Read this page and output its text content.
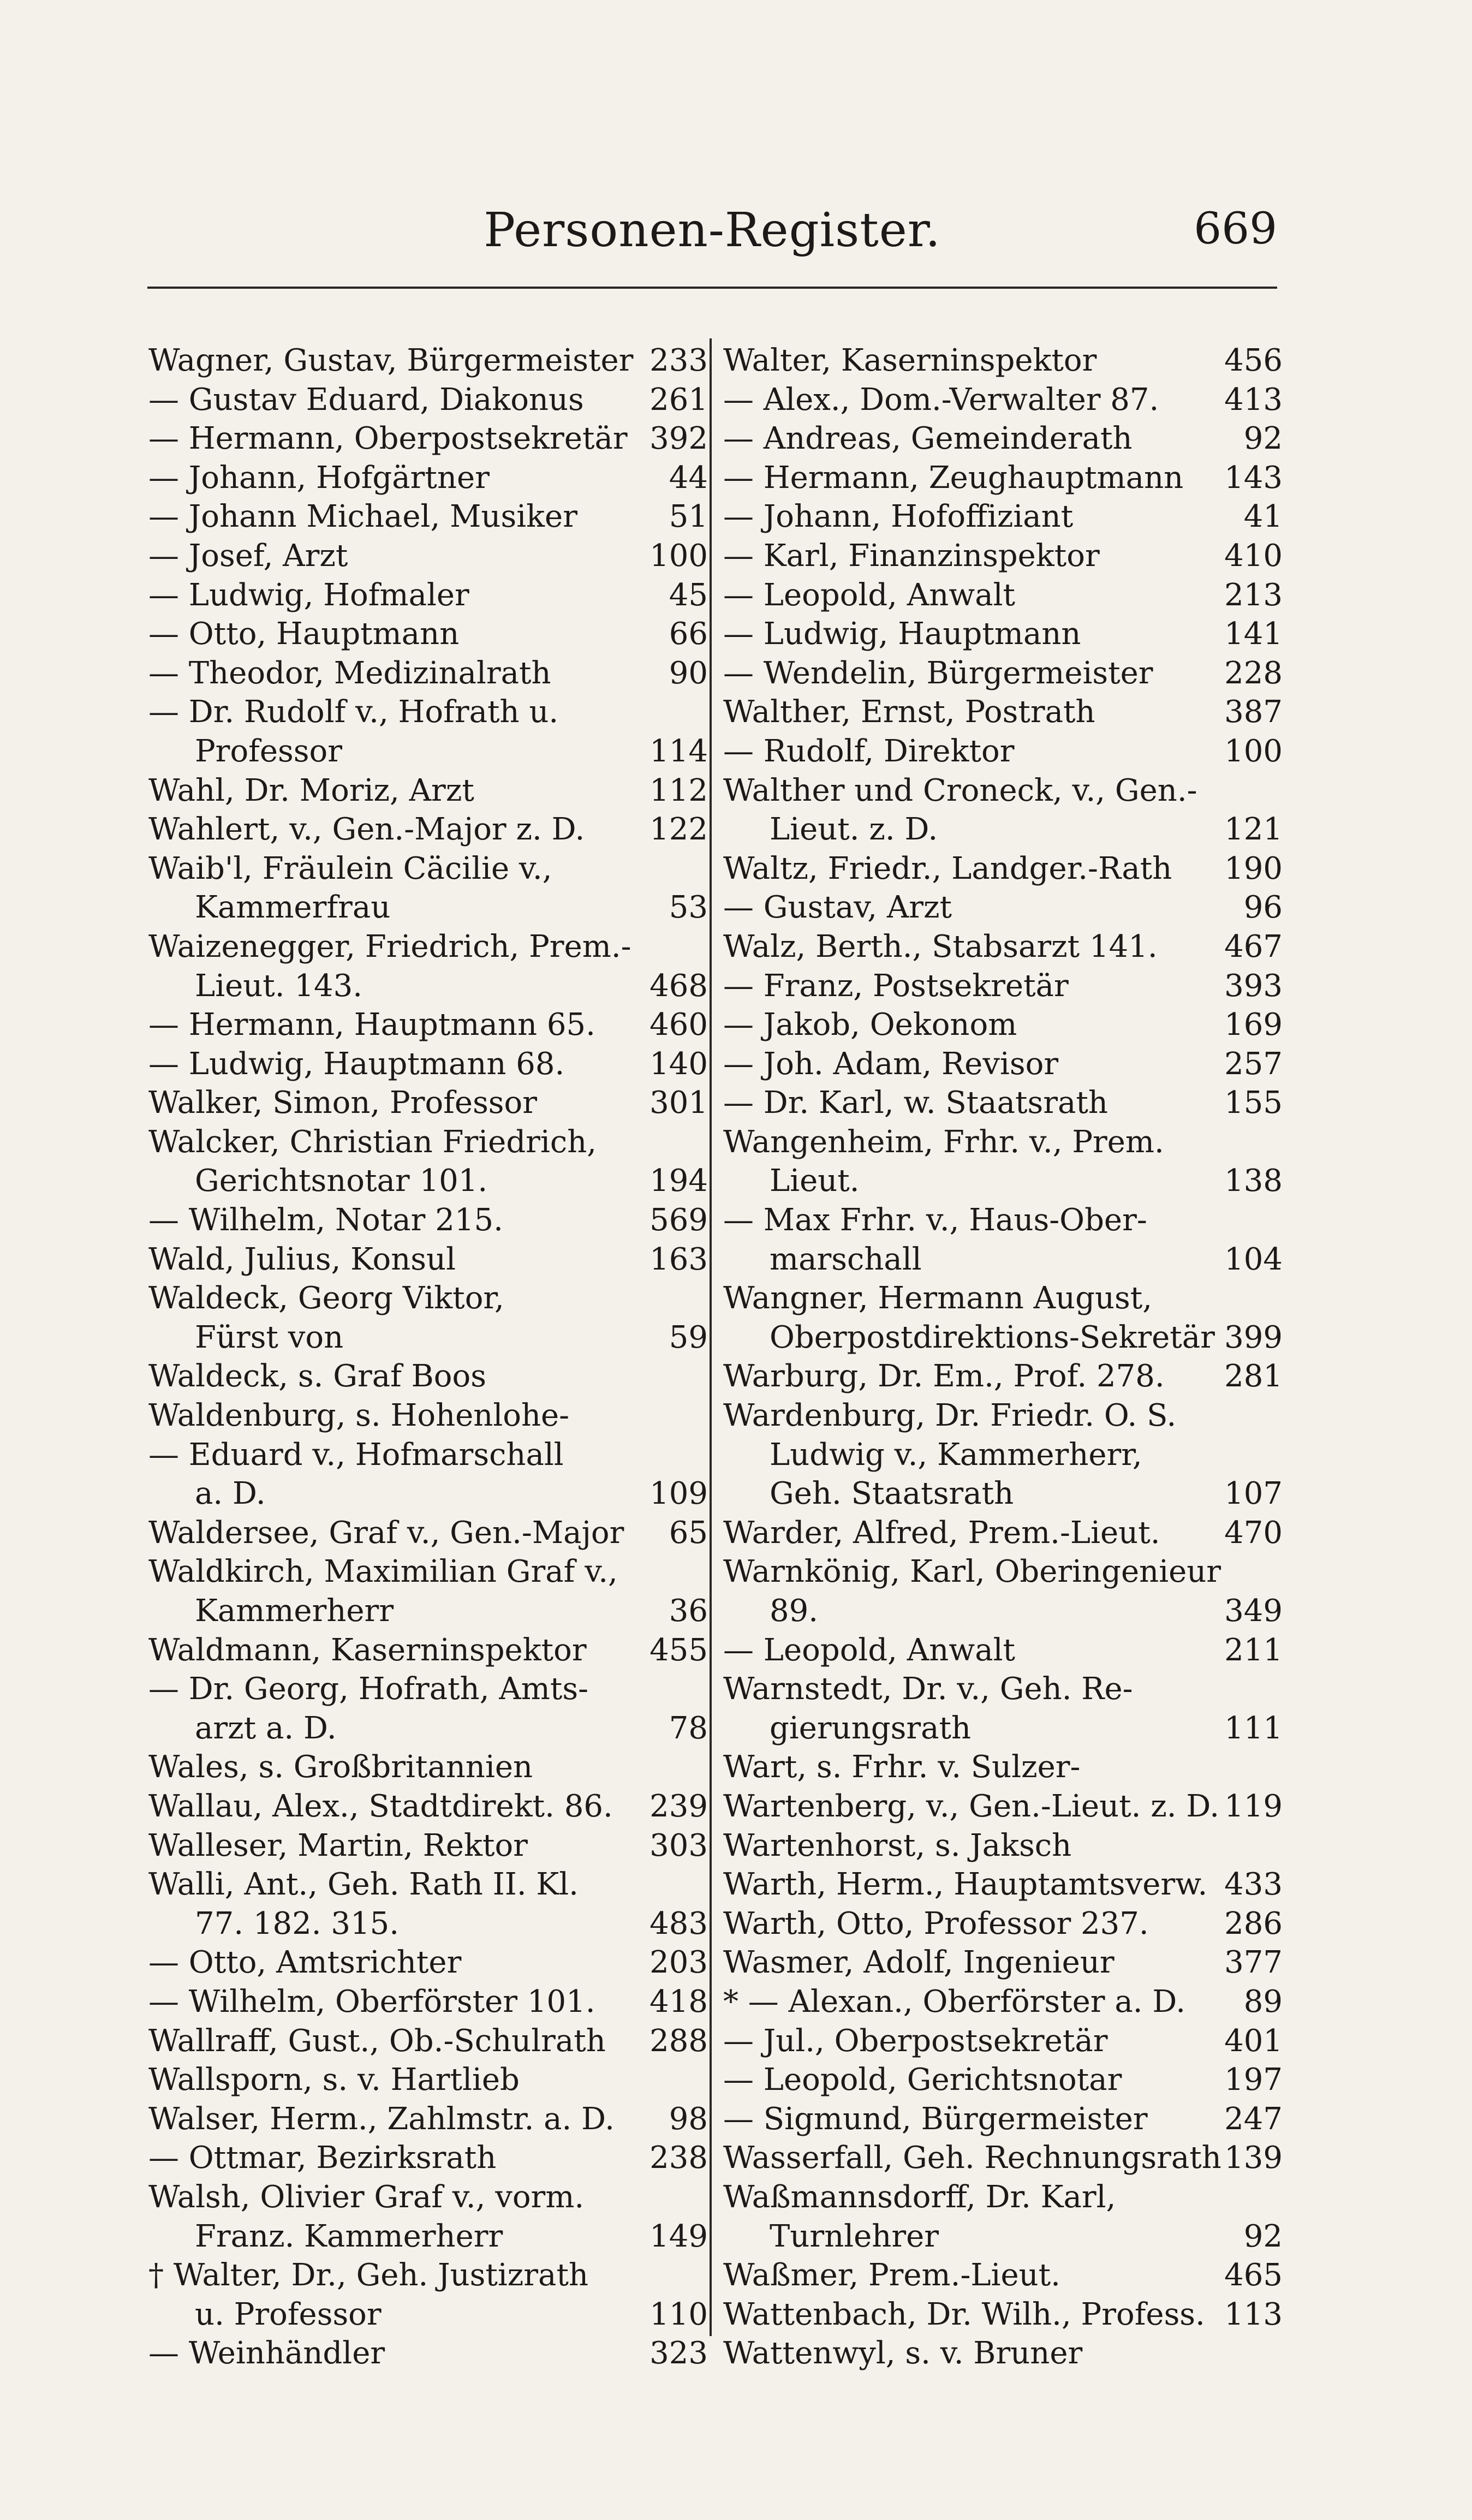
Personen-Register.	669
Wagner, Gustav, Bürgermeister 233
— Gustav Eduard, Diakonus 261
— Hermann, Oberpostsekretär 392
— Johann, Hofgärtner	44
— Johann Michael, Musiker	51
— Josef, Arzt	100
— Ludwig, Hofmaler	45
— Otto, Hauptmann	66
— Theodor, Medizinalrath	90
— Dr. Rudolf v., Hofrath u.
Professor	114
Wahl, Dr. Moriz, Arzt	112
Wahlert, v., Gen.-Major z. D. 122
Waib'l, Fräulein Cäcilie v.,
Kammerfrau	53
Waizenegger, Friedrich, Prem.-
Lieut. 143.	468
— Hermann, Hauptmann 65. 460
— Ludwig, Hauptmann 68.	140
Walker, Simon, Professor	301
Walcker, Christian Friedrich,
Gerichtsnotar 101.	194
— Wilhelm, Notar 215.	569
Wald, Julius, Konsul	163
Waldeck, Georg Viktor,
Fürst von	59
Waldeck, s. Graf Boos
Waldenburg, s. Hohenlohe-
— Eduard v., Hofmarschall
a. D.	109
Waldersee, Graf v., Gen.-Major 65
Waldkirch, Maximilian Graf v.,
Kammerherr	36
Waldmann, Kaserninspektor 455
— Dr. Georg, Hofrath, Amts-
arzt a. D.	78
Wales, s. Großbritannien
Wallau, Alex., Stadtdirekt. 86. 239
Walleser, Martin, Rektor	303
Walli, Ant., Geh. Rath II. Kl.
77. 182. 315.	483
— Otto, Amtsrichter	203
— Wilhelm, Oberförster 101. 418
Wallraff, Gust., Ob.-Schulrath 288
Wallsporn, s. v. Hartlieb
Walser, Herm., Zahlmstr. a. D. 98
— Ottmar, Bezirksrath	238
Walsh, Olivier Graf v., vorm.
Franz. Kammerherr	149
† Walter, Dr., Geh. Justizrath
u. Professor	110
— Weinhändler	323
Walter, Kaserninspektor	456
— Alex., Dom.-Verwalter 87. 413
— Andreas, Gemeinderath	92
— Hermann, Zeughauptmann 143
— Johann, Hofoffiziant	41
— Karl, Finanzinspektor	410
— Leopold, Anwalt	213
— Ludwig, Hauptmann	141
— Wendelin, Bürgermeister 228
Walther, Ernst, Postrath	387
— Rudolf, Direktor	100
Walther und Croneck, v., Gen.-
Lieut. z. D.	121
Waltz, Friedr., Landger.-Rath 190
— Gustav, Arzt	96
Walz, Berth., Stabsarzt 141. 467
— Franz, Postsekretär	393
— Jakob, Oekonom	169
— Joh. Adam, Revisor	257
— Dr. Karl, w. Staatsrath	155
Wangenheim, Frhr. v., Prem.
Lieut.	138
— Max Frhr. v., Haus-Ober-
marschall	104
Wangner, Hermann August,
Oberpostdirektions-Sekretär 399
Warburg, Dr. Em., Prof. 278. 281
Wardenburg, Dr. Friedr. O. S.
Ludwig v., Kammerherr,
Geh. Staatsrath	107
Warder, Alfred, Prem.-Lieut. 470
Warnkönig, Karl, Oberingenieur
89.	349
— Leopold, Anwalt	211
Warnstedt, Dr. v., Geh. Re-
gierungsrath	111
Wart, s. Frhr. v. Sulzer-
Wartenberg, v., Gen.-Lieut. z. D. 119
Wartenhorst, s. Jaksch
Warth, Herm., Hauptamtsverw. 433
Warth, Otto, Professor 237. 286
Wasmer, Adolf, Ingenieur	377
* — Alexan., Oberförster a. D. 89
— Jul., Oberpostsekretär	401
— Leopold, Gerichtsnotar	197
— Sigmund, Bürgermeister	247
Wasserfall, Geh. Rechnungsrath 139
Waßmannsdorff, Dr. Karl,
Turnlehrer	92
Waßmer, Prem.-Lieut.	465
Wattenbach, Dr. Wilh., Profess. 113
Wattenwyl, s. v. Bruner
